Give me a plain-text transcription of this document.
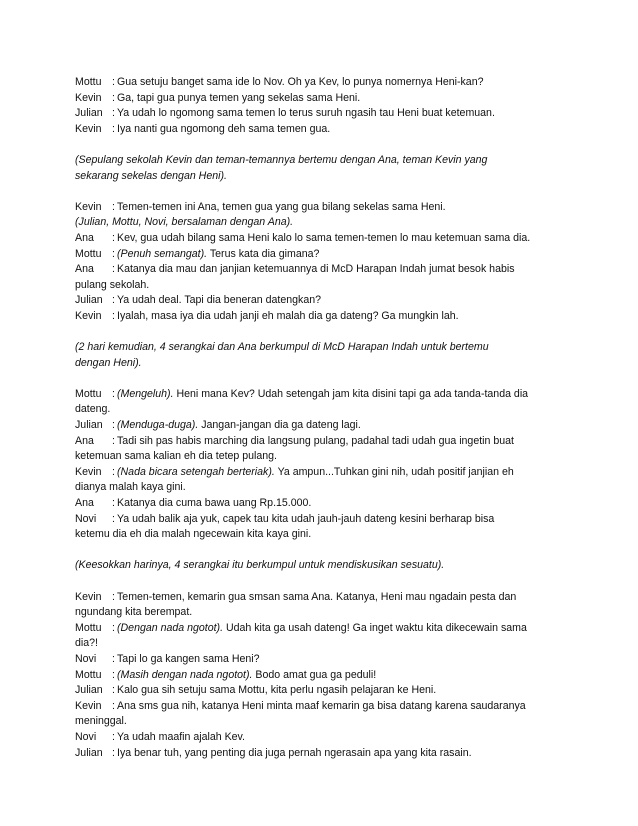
Mottu : Gua setuju banget sama ide lo Nov. Oh ya Kev, lo punya nomernya Heni-kan?
Kevin : Ga, tapi gua punya temen yang sekelas sama Heni.
Julian : Ya udah lo ngomong sama temen lo terus suruh ngasih tau Heni buat ketemuan.
Kevin : Iya nanti gua ngomong deh sama temen gua.
(Sepulang sekolah Kevin dan teman-temannya bertemu dengan Ana, teman Kevin yang
sekarang sekelas dengan Heni).
Kevin : Temen-temen ini Ana, temen gua yang gua bilang sekelas sama Heni.
(Julian, Mottu, Novi, bersalaman dengan Ana).
Ana	: Kev, gua udah bilang sama Heni kalo lo sama temen-temen lo mau ketemuan sama dia.
Mottu : (Penuh semangat). Terus kata dia gimana?
Ana	: Katanya dia mau dan janjian ketemuannya di McD Harapan Indah jumat besok habis
pulang sekolah.
Julian : Ya udah deal. Tapi dia beneran datengkan?
Kevin : Iyalah, masa iya dia udah janji eh malah dia ga dateng? Ga mungkin lah.
(2 hari kemudian, 4 serangkai dan Ana berkumpul di McD Harapan Indah untuk bertemu
dengan Heni).
Mottu : (Mengeluh). Heni mana Kev? Udah setengah jam kita disini tapi ga ada tanda-tanda dia
dateng.
Julian : (Menduga-duga). Jangan-jangan dia ga dateng lagi.
Ana	: Tadi sih pas habis marching dia langsung pulang, padahal tadi udah gua ingetin buat
ketemuan sama kalian eh dia tetep pulang.
Kevin : (Nada bicara setengah berteriak). Ya ampun...Tuhkan gini nih, udah positif janjian eh
dianya malah kaya gini.
Ana	: Katanya dia cuma bawa uang Rp.15.000.
Novi	: Ya udah balik aja yuk, capek tau kita udah jauh-jauh dateng kesini berharap bisa
ketemu dia eh dia malah ngecewain kita kaya gini.
(Keesokkan harinya, 4 serangkai itu berkumpul untuk mendiskusikan sesuatu).
Kevin : Temen-temen, kemarin gua smsan sama Ana. Katanya, Heni mau ngadain pesta dan
ngundang kita berempat.
Mottu : (Dengan nada ngotot). Udah kita ga usah dateng! Ga inget waktu kita dikecewain sama
dia?!
Novi	: Tapi lo ga kangen sama Heni?
Mottu : (Masih dengan nada ngotot). Bodo amat gua ga peduli!
Julian : Kalo gua sih setuju sama Mottu, kita perlu ngasih pelajaran ke Heni.
Kevin : Ana sms gua nih, katanya Heni minta maaf kemarin ga bisa datang karena saudaranya
meninggal.
Novi	: Ya udah maafin ajalah Kev.
Julian : Iya benar tuh, yang penting dia juga pernah ngerasain apa yang kita rasain.
